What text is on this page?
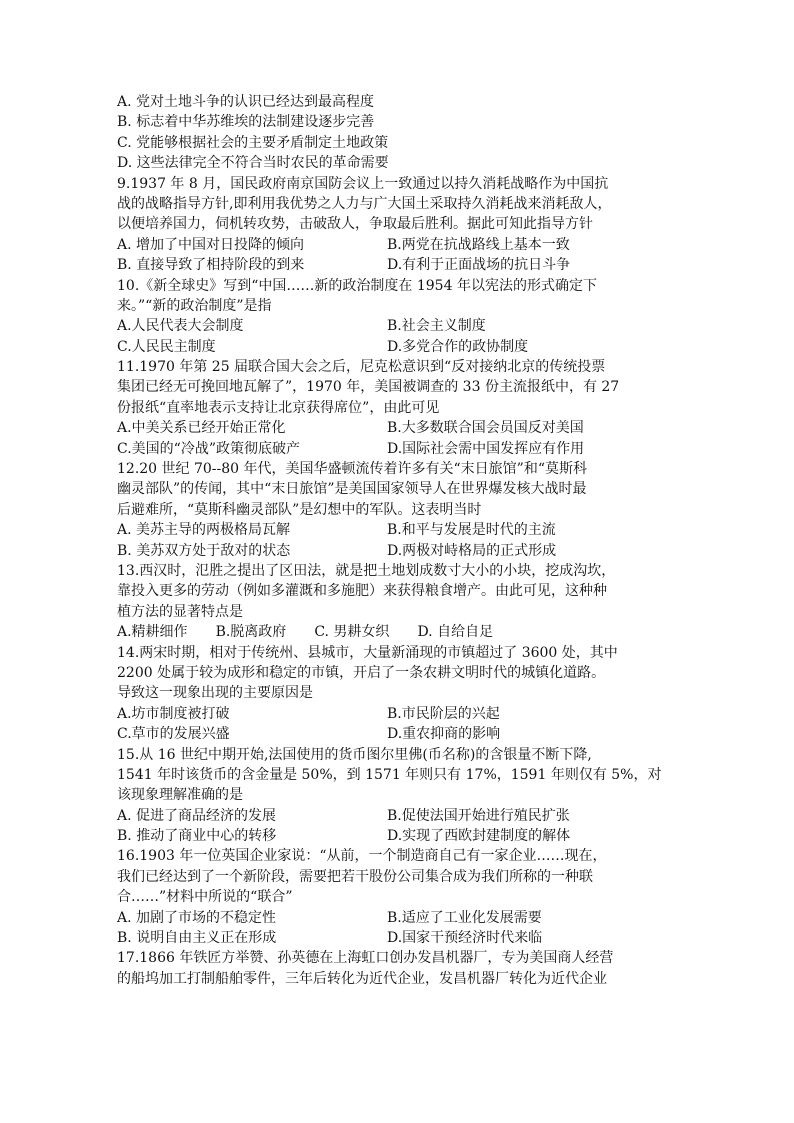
A. 党对土地斗争的认识已经达到最高程度
B. 标志着中华苏维埃的法制建设逐步完善
C. 党能够根据社会的主要矛盾制定土地政策
D. 这些法律完全不符合当时农民的革命需要
9.1937 年 8 月，国民政府南京国防会议上一致通过以持久消耗战略作为中国抗
战的战略指导方针,即利用我优势之人力与广大国土采取持久消耗战来消耗敌人，
以便培养国力，伺机转攻势，击破敌人，争取最后胜利。据此可知此指导方针
A. 增加了中国对日投降的倾向	B.两党在抗战路线上基本一致
B. 直接导致了相持阶段的到来	D.有利于正面战场的抗日斗争
10.《新全球史》写到“中国……新的政治制度在 1954 年以宪法的形式确定下
来。”“新的政治制度”是指
A.人民代表大会制度	B.社会主义制度
C.人民民主制度	D.多党合作的政协制度
11.1970 年第 25 届联合国大会之后，尼克松意识到“反对接纳北京的传统投票
集团已经无可挽回地瓦解了”，1970 年，美国被调查的 33 份主流报纸中，有 27
份报纸“直率地表示支持让北京获得席位”，由此可见
A.中美关系已经开始正常化	B.大多数联合国会员国反对美国
C.美国的“冷战”政策彻底破产	D.国际社会需中国发挥应有作用
12.20 世纪 70--80 年代，美国华盛顿流传着许多有关“末日旅馆”和“莫斯科
幽灵部队”的传闻，其中“末日旅馆”是美国国家领导人在世界爆发核大战时最
后避难所，“莫斯科幽灵部队”是幻想中的军队。这表明当时
A. 美苏主导的两极格局瓦解	B.和平与发展是时代的主流
B. 美苏双方处于敌对的状态	D.两极对峙格局的正式形成
13.西汉时，氾胜之提出了区田法，就是把土地划成数寸大小的小块，挖成沟坎，
靠投入更多的劳动（例如多灌溉和多施肥）来获得粮食增产。由此可见，这种种
植方法的显著特点是
A.精耕细作 B.脱离政府 C. 男耕女织 D. 自给自足
14.两宋时期，相对于传统州、县城市，大量新涌现的市镇超过了 3600 处，其中
2200 处属于较为成形和稳定的市镇，开启了一条农耕文明时代的城镇化道路。
导致这一现象出现的主要原因是
A.坊市制度被打破	B.市民阶层的兴起
C.草市的发展兴盛	D.重农抑商的影响
15.从 16 世纪中期开始,法国使用的货币图尔里佛(币名称)的含银量不断下降,
1541 年时该货币的含金量是 50%，到 1571 年则只有 17%，1591 年则仅有 5%，对
该现象理解准确的是
A. 促进了商品经济的发展	B.促使法国开始进行殖民扩张
B. 推动了商业中心的转移	D.实现了西欧封建制度的解体
16.1903 年一位英国企业家说：“从前，一个制造商自己有一家企业……现在，
我们已经达到了一个新阶段，需要把若干股份公司集合成为我们所称的一种联
合……”材料中所说的“联合”
A. 加剧了市场的不稳定性	B.适应了工业化发展需要
B. 说明自由主义正在形成	D.国家干预经济时代来临
17.1866 年铁匠方举赞、孙英德在上海虹口创办发昌机器厂，专为美国商人经营
的船坞加工打制船舶零件，三年后转化为近代企业，发昌机器厂转化为近代企业
